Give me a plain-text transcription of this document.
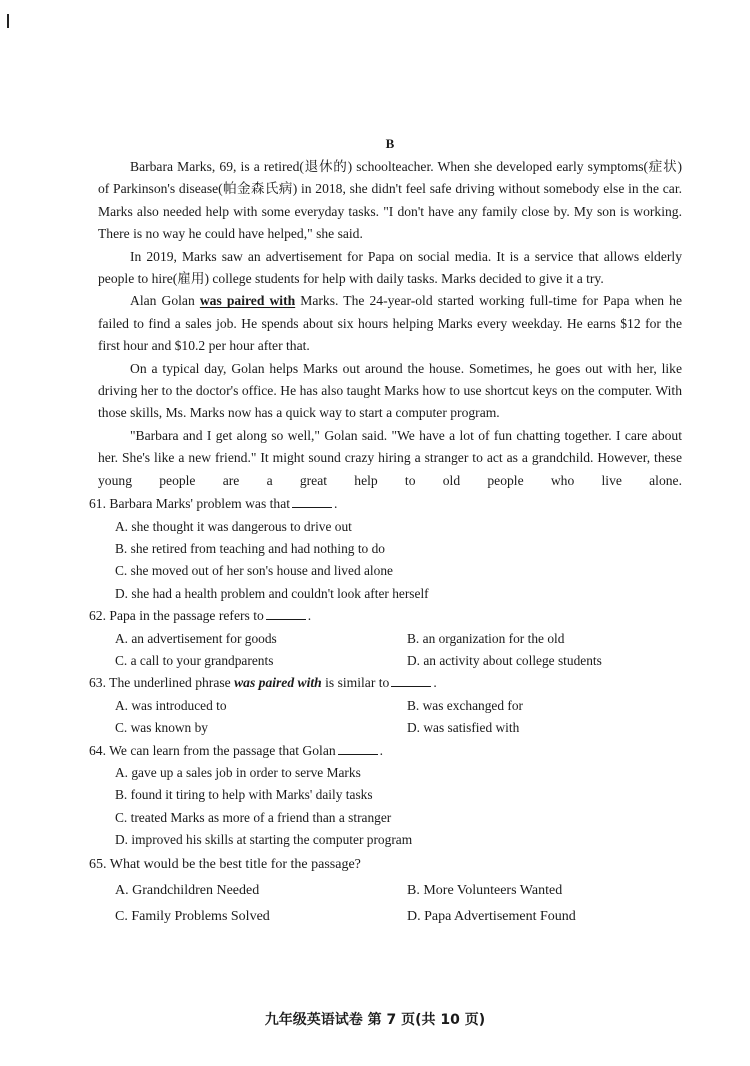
B

Barbara Marks, 69, is a retired(退休的) schoolteacher. When she developed early symptoms(症状) of Parkinson's disease(帕金森氏病) in 2018, she didn't feel safe driving without somebody else in the car. Marks also needed help with some everyday tasks. "I don't have any family close by. My son is working. There is no way he could have helped," she said.

In 2019, Marks saw an advertisement for Papa on social media. It is a service that allows elderly people to hire(雇用) college students for help with daily tasks. Marks decided to give it a try.

Alan Golan was paired with Marks. The 24-year-old started working full-time for Papa when he failed to find a sales job. He spends about six hours helping Marks every weekday. He earns $12 for the first hour and $10.2 per hour after that.

On a typical day, Golan helps Marks out around the house. Sometimes, he goes out with her, like driving her to the doctor's office. He has also taught Marks how to use shortcut keys on the computer. With those skills, Ms. Marks now has a quick way to start a computer program.

"Barbara and I get along so well," Golan said. "We have a lot of fun chatting together. I care about her. She's like a new friend." It might sound crazy hiring a stranger to act as a grandchild. However, these young people are a great help to old people who live alone.

61. Barbara Marks' problem was that	.
A. she thought it was dangerous to drive out
B. she retired from teaching and had nothing to do
C. she moved out of her son's house and lived alone
D. she had a health problem and couldn't look after herself
62. Papa in the passage refers to	.
A. an advertisement for goods	B. an organization for the old
C. a call to your grandparents	D. an activity about college students
63. The underlined phrase was paired with is similar to	.
A. was introduced to	B. was exchanged for
C. was known by	D. was satisfied with
64. We can learn from the passage that Golan	.
A. gave up a sales job in order to serve Marks
B. found it tiring to help with Marks' daily tasks
C. treated Marks as more of a friend than a stranger
D. improved his skills at starting the computer program
65. What would be the best title for the passage?
A. Grandchildren Needed	B. More Volunteers Wanted
C. Family Problems Solved	D. Papa Advertisement Found
九年级英语试卷 第 7 页(共 10 页)
